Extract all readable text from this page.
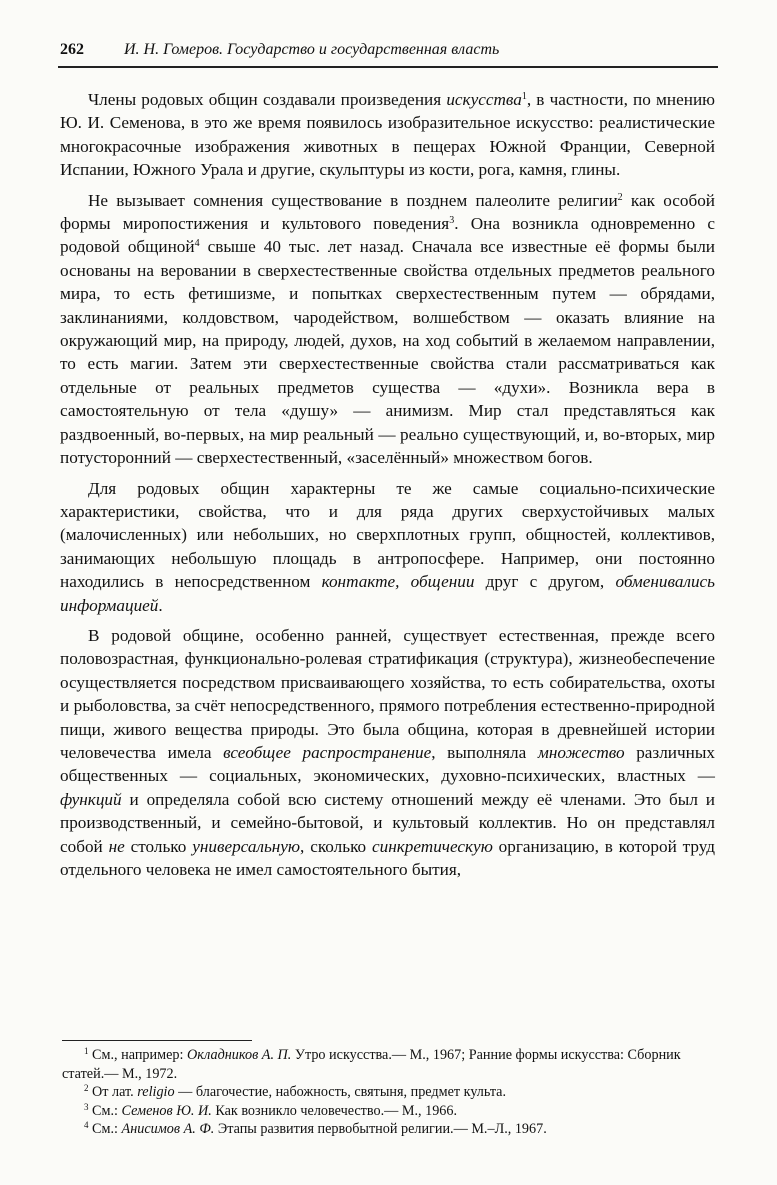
262	И. Н. Гомеров. Государство и государственная власть

Члены родовых общин создавали произведения искусства$^1$, в частности, по мнению Ю. И. Семенова, в это же время появилось изобразительное искусство: реалистические многокрасочные изображения животных в пещерах Южной Франции, Северной Испании, Южного Урала и другие, скульптуры из кости, рога, камня, глины.

Не вызывает сомнения существование в позднем палеолите религии$^2$ как особой формы миропостижения и культового поведения$^3$. Она возникла одновременно с родовой общиной$^4$ свыше 40 тыс. лет назад. Сначала все известные её формы были основаны на веровании в сверхестественные свойства отдельных предметов реального мира, то есть фетишизме, и попытках сверхестественным путем — обрядами, заклинаниями, колдовством, чародейством, волшебством — оказать влияние на окружающий мир, на природу, людей, духов, на ход событий в желаемом направлении, то есть магии. Затем эти сверхестественные свойства стали рассматриваться как отдельные от реальных предметов существа — «духи». Возникла вера в самостоятельную от тела «душу» — анимизм. Мир стал представляться как раздвоенный, во-первых, на мир реальный — реально существующий, и, во-вторых, мир потусторонний — сверхестественный, «заселённый» множеством богов.

Для родовых общин характерны те же самые социально-психические характеристики, свойства, что и для ряда других сверхустойчивых малых (малочисленных) или небольших, но сверхплотных групп, общностей, коллективов, занимающих небольшую площадь в антропосфере. Например, они постоянно находились в непосредственном контакте, общении друг с другом, обменивались информацией.

В родовой общине, особенно ранней, существует естественная, прежде всего половозрастная, функционально-ролевая стратификация (структура), жизнеобеспечение осуществляется посредством присваивающего хозяйства, то есть собирательства, охоты и рыболовства, за счёт непосредственного, прямого потребления естественно-природной пищи, живого вещества природы. Это была община, которая в древнейшей истории человечества имела всеобщее распространение, выполняла множество различных общественных — социальных, экономических, духовно-психических, властных — функций и определяла собой всю систему отношений между её членами. Это был и производственный, и семейно-бытовой, и культовый коллектив. Но он представлял собой не столько универсальную, сколько синкретическую организацию, в которой труд отдельного человека не имел самостоятельного бытия,

$^1$ См., например: Окладников А. П. Утро искусства.— М., 1967; Ранние формы искусства: Сборник статей.— М., 1972.

$^2$ От лат. religio — благочестие, набожность, святыня, предмет культа.

$^3$ См.: Семенов Ю. И. Как возникло человечество.— М., 1966.

$^4$ См.: Анисимов А. Ф. Этапы развития первобытной религии.— М.–Л., 1967.
